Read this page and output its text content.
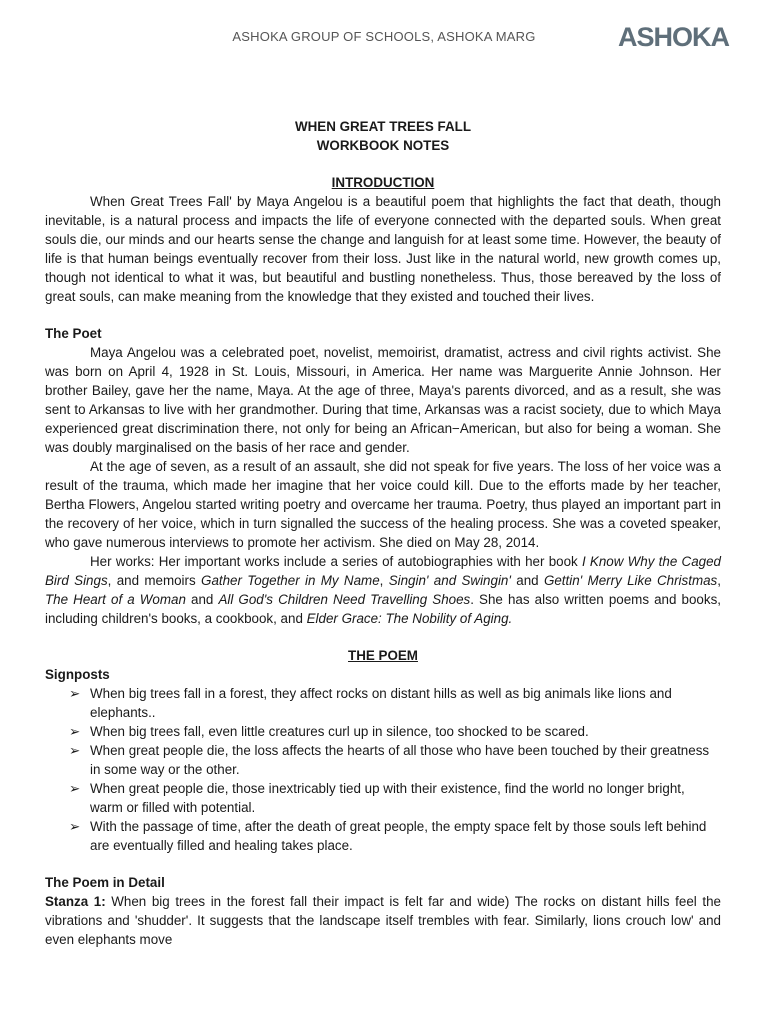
ASHOKA GROUP OF SCHOOLS, ASHOKA MARG	ASHOKA
WHEN GREAT TREES FALL
WORKBOOK NOTES
INTRODUCTION

When Great Trees Fall' by Maya Angelou is a beautiful poem that highlights the fact that death, though inevitable, is a natural process and impacts the life of everyone connected with the departed souls. When great souls die, our minds and our hearts sense the change and languish for at least some time. However, the beauty of life is that human beings eventually recover from their loss. Just like in the natural world, new growth comes up, though not identical to what it was, but beautiful and bustling nonetheless. Thus, those bereaved by the loss of great souls, can make meaning from the knowledge that they existed and touched their lives.

The Poet

Maya Angelou was a celebrated poet, novelist, memoirist, dramatist, actress and civil rights activist. She was born on April 4, 1928 in St. Louis, Missouri, in America. Her name was Marguerite Annie Johnson. Her brother Bailey, gave her the name, Maya. At the age of three, Maya's parents divorced, and as a result, she was sent to Arkansas to live with her grandmother. During that time, Arkansas was a racist society, due to which Maya experienced great discrimination there, not only for being an African−American, but also for being a woman. She was doubly marginalised on the basis of her race and gender.

At the age of seven, as a result of an assault, she did not speak for five years. The loss of her voice was a result of the trauma, which made her imagine that her voice could kill. Due to the efforts made by her teacher, Bertha Flowers, Angelou started writing poetry and overcame her trauma. Poetry, thus played an important part in the recovery of her voice, which in turn signalled the success of the healing process. She was a coveted speaker, who gave numerous interviews to promote her activism. She died on May 28, 2014.

Her works: Her important works include a series of autobiographies with her book I Know Why the Caged Bird Sings, and memoirs Gather Together in My Name, Singin' and Swingin' and Gettin' Merry Like Christmas, The Heart of a Woman and All God's Children Need Travelling Shoes. She has also written poems and books, including children's books, a cookbook, and Elder Grace: The Nobility of Aging.

THE POEM
Signposts
➢ When big trees fall in a forest, they affect rocks on distant hills as well as big animals like lions and elephants..
➢ When big trees fall, even little creatures curl up in silence, too shocked to be scared.
➢ When great people die, the loss affects the hearts of all those who have been touched by their greatness in some way or the other.
➢ When great people die, those inextricably tied up with their existence, find the world no longer bright, warm or filled with potential.
➢ With the passage of time, after the death of great people, the empty space felt by those souls left behind are eventually filled and healing takes place.
The Poem in Detail

Stanza 1: When big trees in the forest fall their impact is felt far and wide) The rocks on distant hills feel the vibrations and 'shudder'. It suggests that the landscape itself trembles with fear. Similarly, lions crouch low' and even elephants move
